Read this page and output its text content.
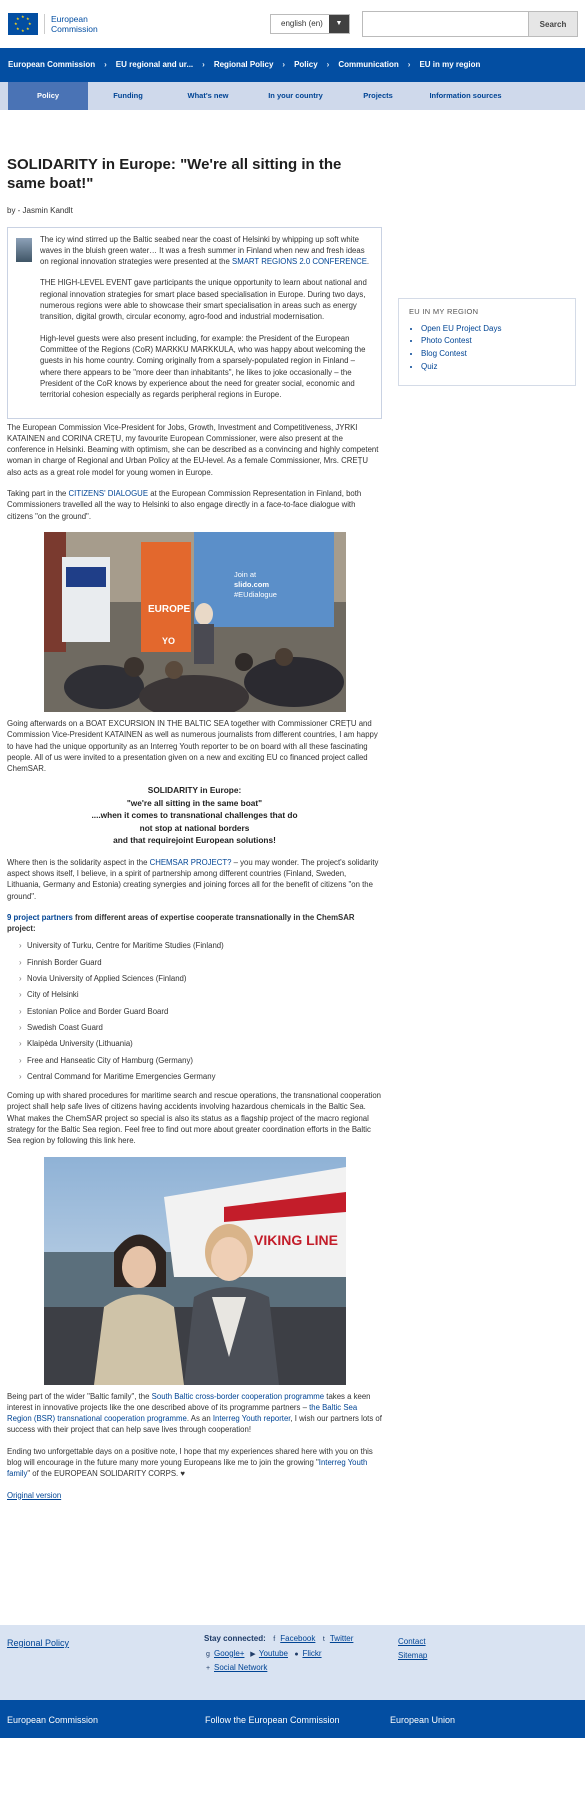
★ ★
★
★
★
★
★
★	European
Commission
english (en)	▼	Search
European Commission › EU regional and ur... › Regional Policy › Policy › Communication › EU in my region
Policy	Funding	What's new	In your country	Projects	Information sources
SOLIDARITY in Europe: "We're all sitting in the same boat!"
by - Jasmin Kandlt

The icy wind stirred up the Baltic seabed near the coast of Helsinki by whipping up soft white waves in the bluish green water… It was a fresh summer in Finland when new and fresh ideas on regional innovation strategies were presented at the SMART REGIONS 2.0 CONFERENCE.

THE HIGH-LEVEL EVENT gave participants the unique opportunity to learn about national and regional innovation strategies for smart place based specialisation in Europe. During two days, numerous regions were able to showcase their smart specialisation in areas such as energy transition, digital growth, circular economy, agro-food and industrial modernisation.

High-level guests were also present including, for example: the President of the European Committee of the Regions (CoR) MARKKU MARKKULA, who was happy about welcoming the guests in his home country. Coming originally from a sparsely-populated region in Finland – where there appears to be "more deer than inhabitants", he likes to joke occasionally – the President of the CoR knows by experience about the need for greater social, economic and territorial cohesion especially as regards peripheral regions in Europe.

The European Commission Vice-President for Jobs, Growth, Investment and Competitiveness, JYRKI KATAINEN and CORINA CREȚU, my favourite European Commissioner, were also present at the conference in Helsinki. Beaming with optimism, she can be described as a convincing and highly competent woman in charge of Regional and Urban Policy at the EU-level. As a female Commissioner, Mrs. CREȚU also acts as a great role model for young women in Europe.

Taking part in the CITIZENS' DIALOGUE at the European Commission Representation in Finland, both Commissioners travelled all the way to Helsinki to also engage directly in a face-to-face dialogue with citizens "on the ground".

EUROPE
YO
Join at
slido.com
#EUdialogue

Going afterwards on a BOAT EXCURSION IN THE BALTIC SEA together with Commissioner CREȚU and Commission Vice-President KATAINEN as well as numerous journalists from different countries, I am happy to have had the unique opportunity as an Interreg Youth reporter to be on board with all these fascinating people. All of us were invited to a presentation given on a new and exciting EU co financed project called ChemSAR.

SOLIDARITY in Europe:
"we're all sitting in the same boat"
....when it comes to transnational challenges that do
not stop at national borders
and that requirejoint European solutions!

Where then is the solidarity aspect in the CHEMSAR PROJECT? – you may wonder. The project's solidarity aspect shows itself, I believe, in a spirit of partnership among different countries (Finland, Sweden, Lithuania, Germany and Estonia) creating synergies and joining forces all for the benefit of citizens "on the ground".

9 project partners from different areas of expertise cooperate transnationally in the ChemSAR project:
› University of Turku, Centre for Maritime Studies (Finland)
› Finnish Border Guard
› Novia University of Applied Sciences (Finland)
› City of Helsinki
› Estonian Police and Border Guard Board
› Swedish Coast Guard
› Klaipėda University (Lithuania)
› Free and Hanseatic City of Hamburg (Germany)
› Central Command for Maritime Emergencies Germany

Coming up with shared procedures for maritime search and rescue operations, the transnational cooperation project shall help safe lives of citizens having accidents involving hazardous chemicals in the Baltic Sea. What makes the ChemSAR project so special is also its status as a flagship project of the macro regional strategy for the Baltic Sea region. Feel free to find out more about greater coordination efforts in the Baltic Sea region by following this link here.

VIKING LINE

Being part of the wider "Baltic family", the South Baltic cross-border cooperation programme takes a keen interest in innovative projects like the one described above of its programme partners – the Baltic Sea Region (BSR) transnational cooperation programme. As an Interreg Youth reporter, I wish our partners lots of success with their project that can help save lives through cooperation!

Ending two unforgettable days on a positive note, I hope that my experiences shared here with you on this blog will encourage in the future many more young Europeans like me to join the growing "Interreg Youth family" of the EUROPEAN SOLIDARITY CORPS. ♥

Original version

EU IN MY REGION
• Open EU Project Days
• Photo Contest
• Blog Contest
• Quiz
Regional Policy	Stay connected: f Facebook t Twitter
g Google+ ▶ Youtube ● Flickr
+ Social Network
Contact
Sitemap
European Commission	Follow the European Commission	European Union
